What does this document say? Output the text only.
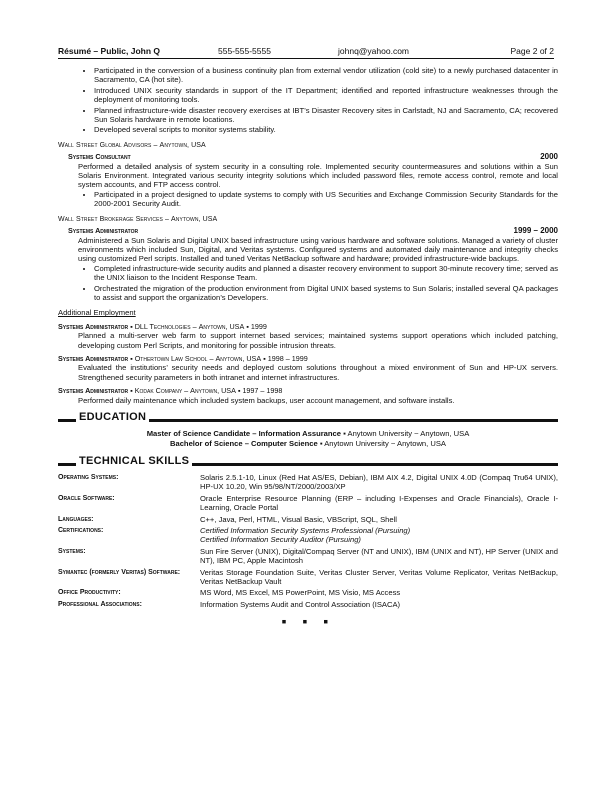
Résumé – Public, John Q	555-555-5555	johnq@yahoo.com	Page 2 of 2
• Participated in the conversion of a business continuity plan from external vendor utilization (cold site) to a newly purchased datacenter in Sacramento, CA (hot site).
• Introduced UNIX security standards in support of the IT Department; identified and reported infrastructure weaknesses through the deployment of monitoring tools.
• Planned infrastructure-wide disaster recovery exercises at IBT’s Disaster Recovery sites in Carlstadt, NJ and Sacramento, CA; recovered Sun Solaris hardware in remote locations.
• Developed several scripts to monitor systems stability.
Wall Street Global Advisors – Anytown, USA
Systems Consultant	2000
Performed a detailed analysis of system security in a consulting role. Implemented security countermeasures and solutions within a Sun Solaris Environment. Integrated various security integrity solutions which included password files, remote access control, remote and local system accounts, and FTP access control.
• Participated in a project designed to update systems to comply with US Securities and Exchange Commission Security Standards for the 2000-2001 Security Audit.
Wall Street Brokerage Services – Anytown, USA
Systems Administrator	1999 – 2000
Administered a Sun Solaris and Digital UNIX based infrastructure using various hardware and software solutions. Managed a variety of cluster environments which included Sun, Digital, and Veritas systems. Configured systems and automated daily maintenance and integrity checks using customized Perl scripts. Installed and tuned Veritas NetBackup software and hardware; provided infrastructure-wide backups.
• Completed infrastructure-wide security audits and planned a disaster recovery environment to support 30-minute recovery time; served as the UNIX liaison to the Incident Response Team.
• Orchestrated the migration of the production environment from Digital UNIX based systems to Sun Solaris; installed several QA packages to assist and support the organization’s Developers.
Additional Employment
Systems Administrator ▪ DLL Technologies – Anytown, USA ▪ 1999
Planned a multi-server web farm to support internet based services; maintained systems support operations which included patching, developing custom Perl Scripts, and monitoring for possible intrusion threats.
Systems Administrator ▪ Othertown Law School – Anytown, USA ▪ 1998 – 1999
Evaluated the institutions’ security needs and deployed custom solutions throughout a mixed environment of Sun and HP-UX servers. Strengthened security parameters in both intranet and internet infrastructures.
Systems Administrator ▪ Kodak Company – Anytown, USA ▪ 1997 – 1998
Performed daily maintenance which included system backups, user account management, and software installs.
EDUCATION
Master of Science Candidate – Information Assurance ▪ Anytown University ~ Anytown, USA
Bachelor of Science – Computer Science ▪ Anytown University ~ Anytown, USA
TECHNICAL SKILLS
Operating Systems:	Solaris 2.5.1-10, Linux (Red Hat AS/ES, Debian), IBM AIX 4.2, Digital UNIX 4.0D (Compaq Tru64 UNIX), HP-UX 10.20, Win 95/98/NT/2000/2003/XP
Oracle Software:	Oracle Enterprise Resource Planning (ERP – including I-Expenses and Oracle Financials), Oracle I-Learning, Oracle Portal
Languages:	C++, Java, Perl, HTML, Visual Basic, VBScript, SQL, Shell
Certifications:	Certified Information Security Systems Professional (Pursuing)
Certified Information Security Auditor (Pursuing)

Systems:	Sun Fire Server (UNIX), Digital/Compaq Server (NT and UNIX), IBM (UNIX and NT), HP Server (UNIX and NT), IBM PC, Apple Macintosh
Symantec (formerly Veritas) Software:	Veritas Storage Foundation Suite, Veritas Cluster Server, Veritas Volume Replicator, Veritas NetBackup, Veritas NetBackup Vault
Office Productivity:	MS Word, MS Excel, MS PowerPoint, MS Visio, MS Access
Professional Associations:	Information Systems Audit and Control Association (ISACA)
▪ ▪ ▪
